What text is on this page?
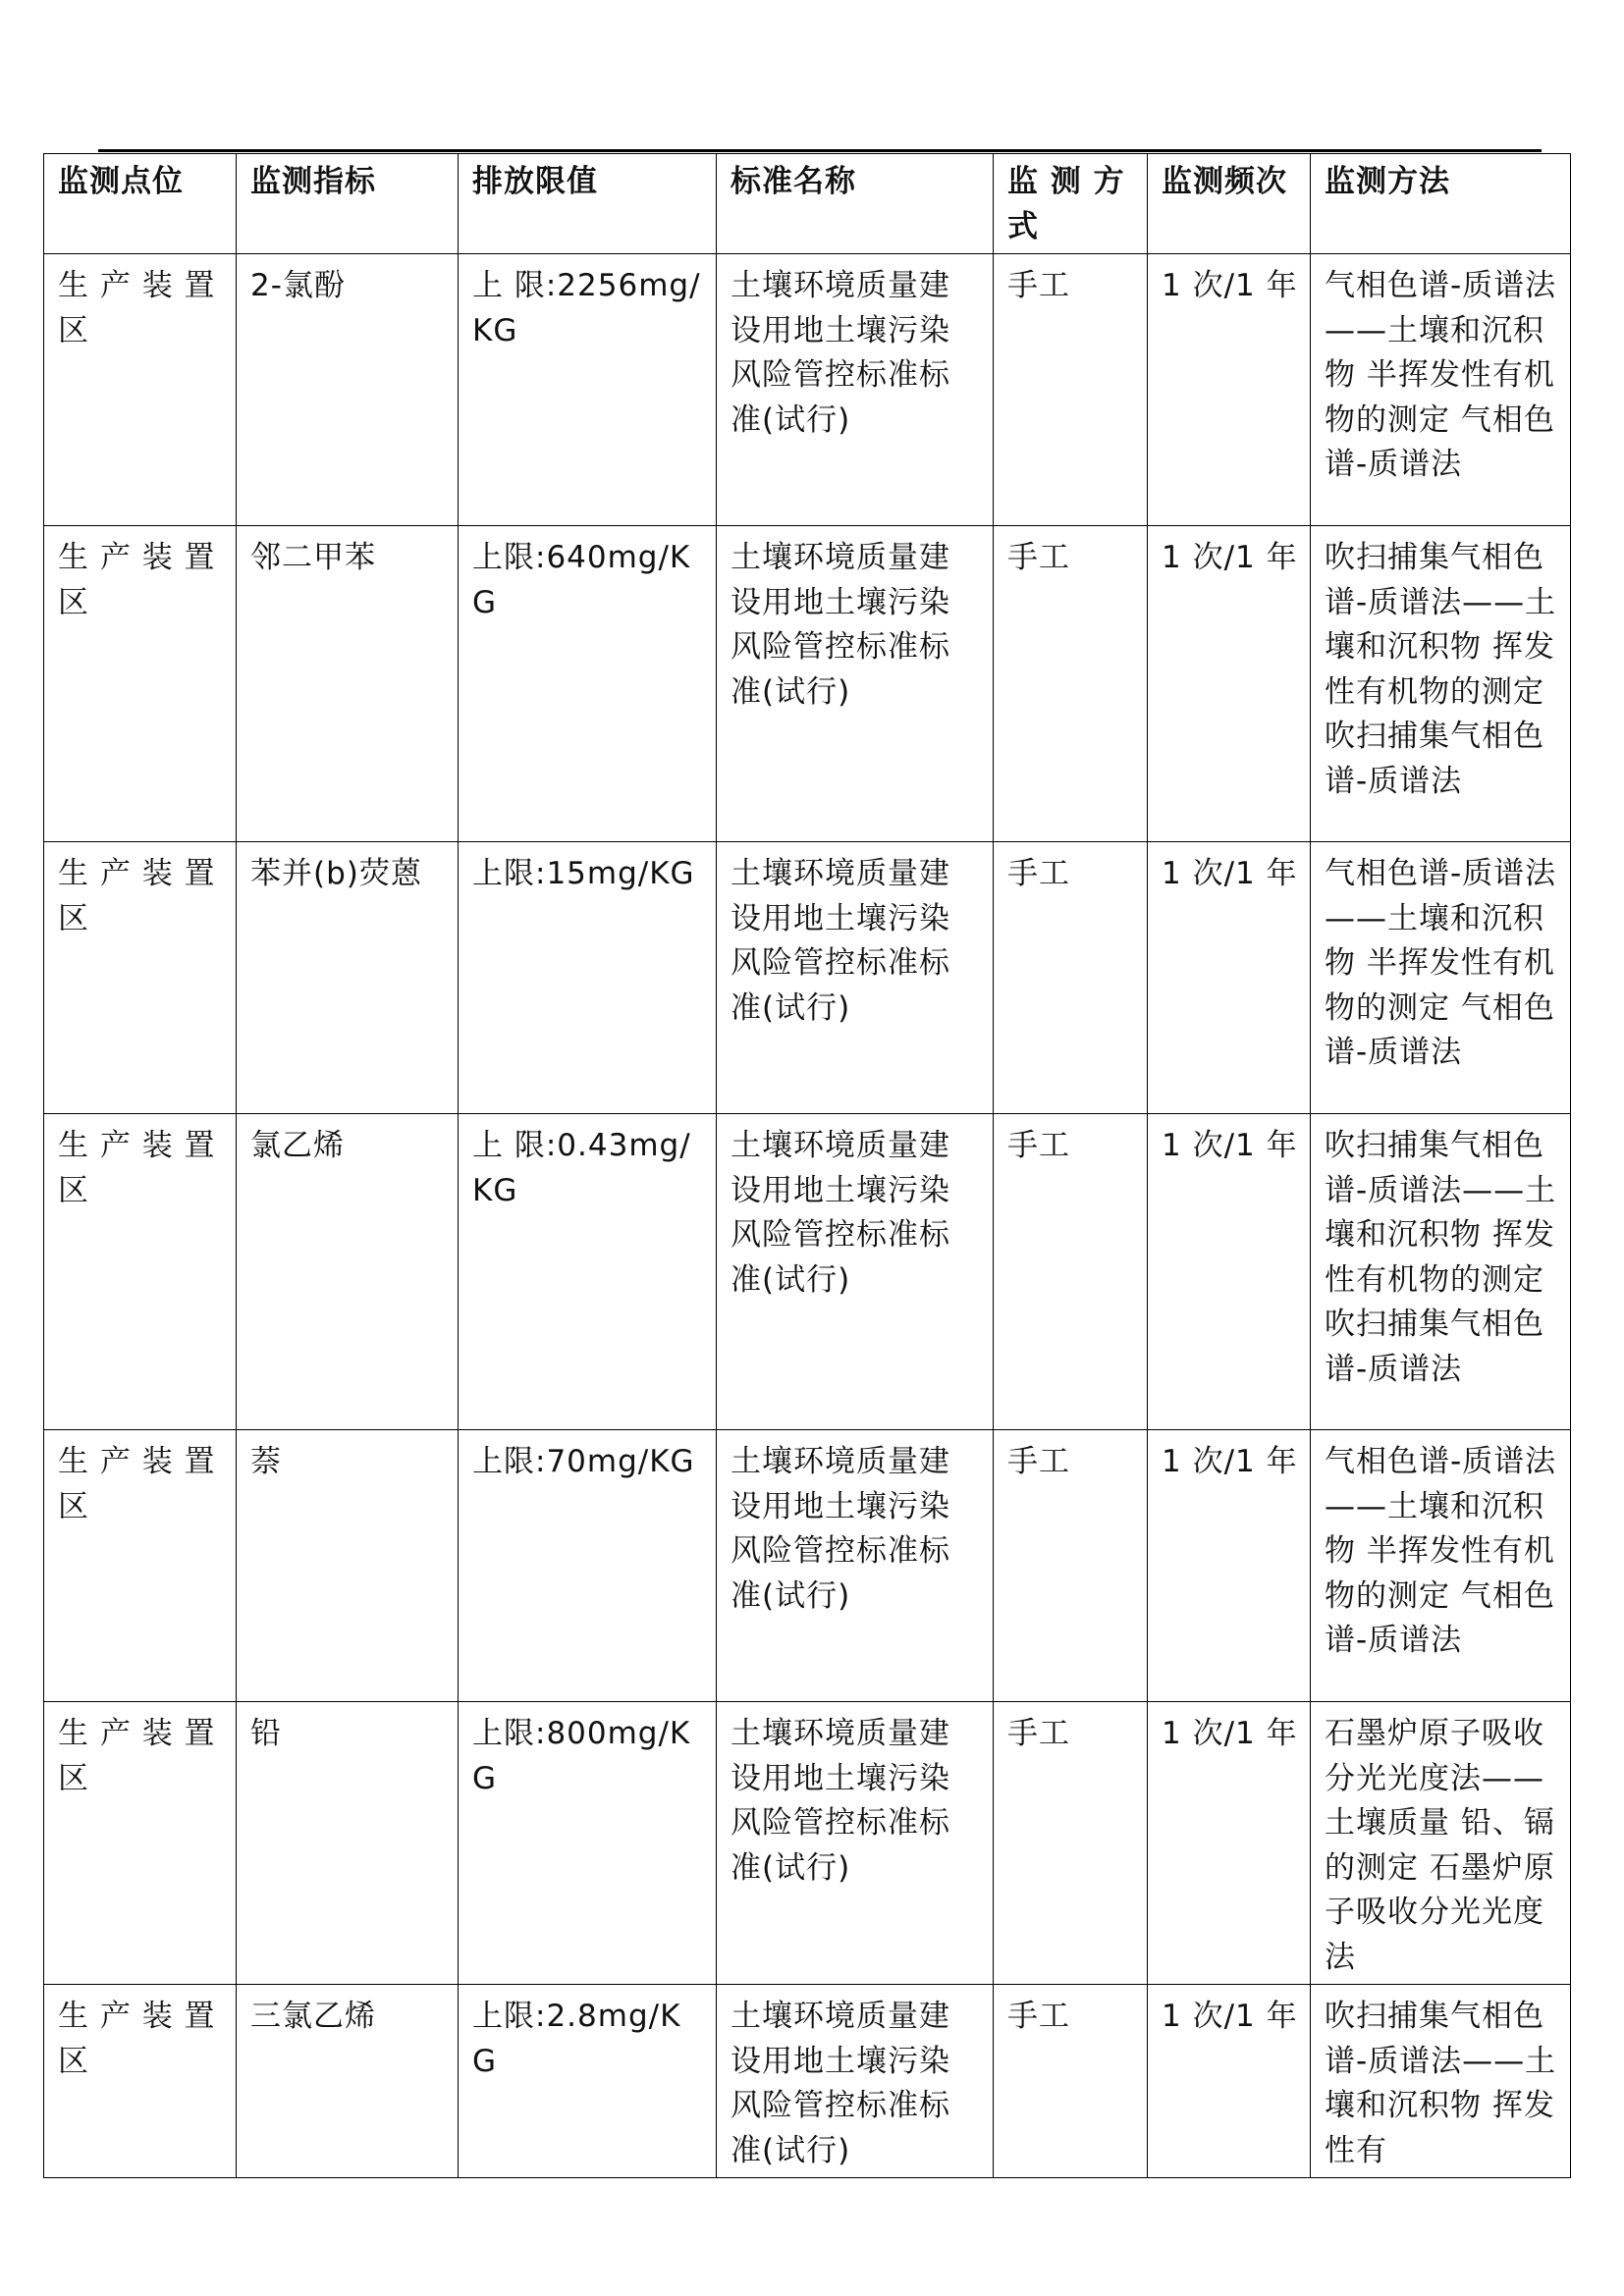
监测点位	监测指标	排放限值	标准名称	监 测 方 式	监测频次	监测方法
生 产 装 置 区	2-氯酚	上 限:2256mg/KG	土壤环境质量建设用地土壤污染风险管控标准标准(试行)	手工	1 次/1 年	气相色谱-质谱法——土壤和沉积物 半挥发性有机物的测定 气相色谱-质谱法
生 产 装 置 区	邻二甲苯	上限:640mg/KG	土壤环境质量建设用地土壤污染风险管控标准标准(试行)	手工	1 次/1 年	吹扫捕集气相色谱-质谱法——土壤和沉积物 挥发性有机物的测定 吹扫捕集气相色谱-质谱法
生 产 装 置 区	苯并(b)荧蒽	上限:15mg/KG	土壤环境质量建设用地土壤污染风险管控标准标准(试行)	手工	1 次/1 年	气相色谱-质谱法——土壤和沉积物 半挥发性有机物的测定 气相色谱-质谱法
生 产 装 置 区	氯乙烯	上 限:0.43mg/KG	土壤环境质量建设用地土壤污染风险管控标准标准(试行)	手工	1 次/1 年	吹扫捕集气相色谱-质谱法——土壤和沉积物 挥发性有机物的测定 吹扫捕集气相色谱-质谱法
生 产 装 置 区	萘	上限:70mg/KG	土壤环境质量建设用地土壤污染风险管控标准标准(试行)	手工	1 次/1 年	气相色谱-质谱法——土壤和沉积物 半挥发性有机物的测定 气相色谱-质谱法
生 产 装 置 区	铅	上限:800mg/KG	土壤环境质量建设用地土壤污染风险管控标准标准(试行)	手工	1 次/1 年	石墨炉原子吸收分光光度法——土壤质量 铅、镉的测定 石墨炉原子吸收分光光度法
生 产 装 置 区	三氯乙烯	上限:2.8mg/KG	土壤环境质量建设用地土壤污染风险管控标准标准(试行)	手工	1 次/1 年	吹扫捕集气相色谱-质谱法——土壤和沉积物 挥发性有
